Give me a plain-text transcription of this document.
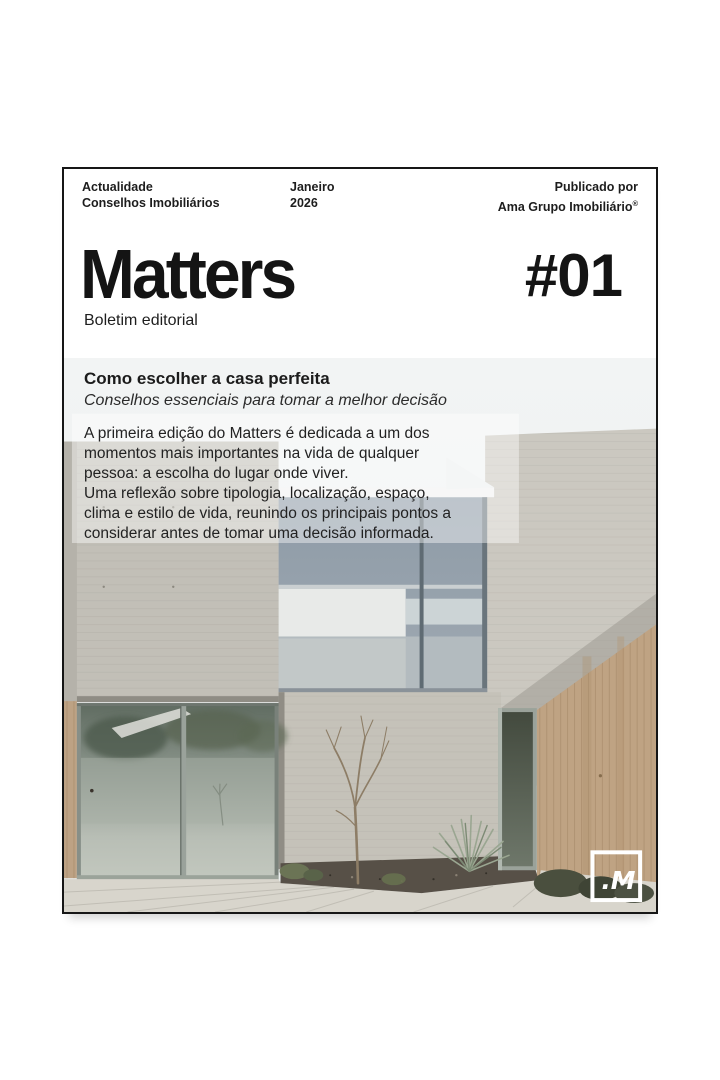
Actualidade
Conselhos Imobiliários
Janeiro
2026
Publicado por
Ama Grupo Imobiliário®
Matters
Boletim editorial
#01
.M
Como escolher a casa perfeita
Conselhos essenciais para tomar a melhor decisão
A primeira edição do Matters é dedicada a um dos
momentos mais importantes na vida de qualquer
pessoa: a escolha do lugar onde viver.
Uma reflexão sobre tipologia, localização, espaço,
clima e estilo de vida, reunindo os principais pontos a
considerar antes de tomar uma decisão informada.
